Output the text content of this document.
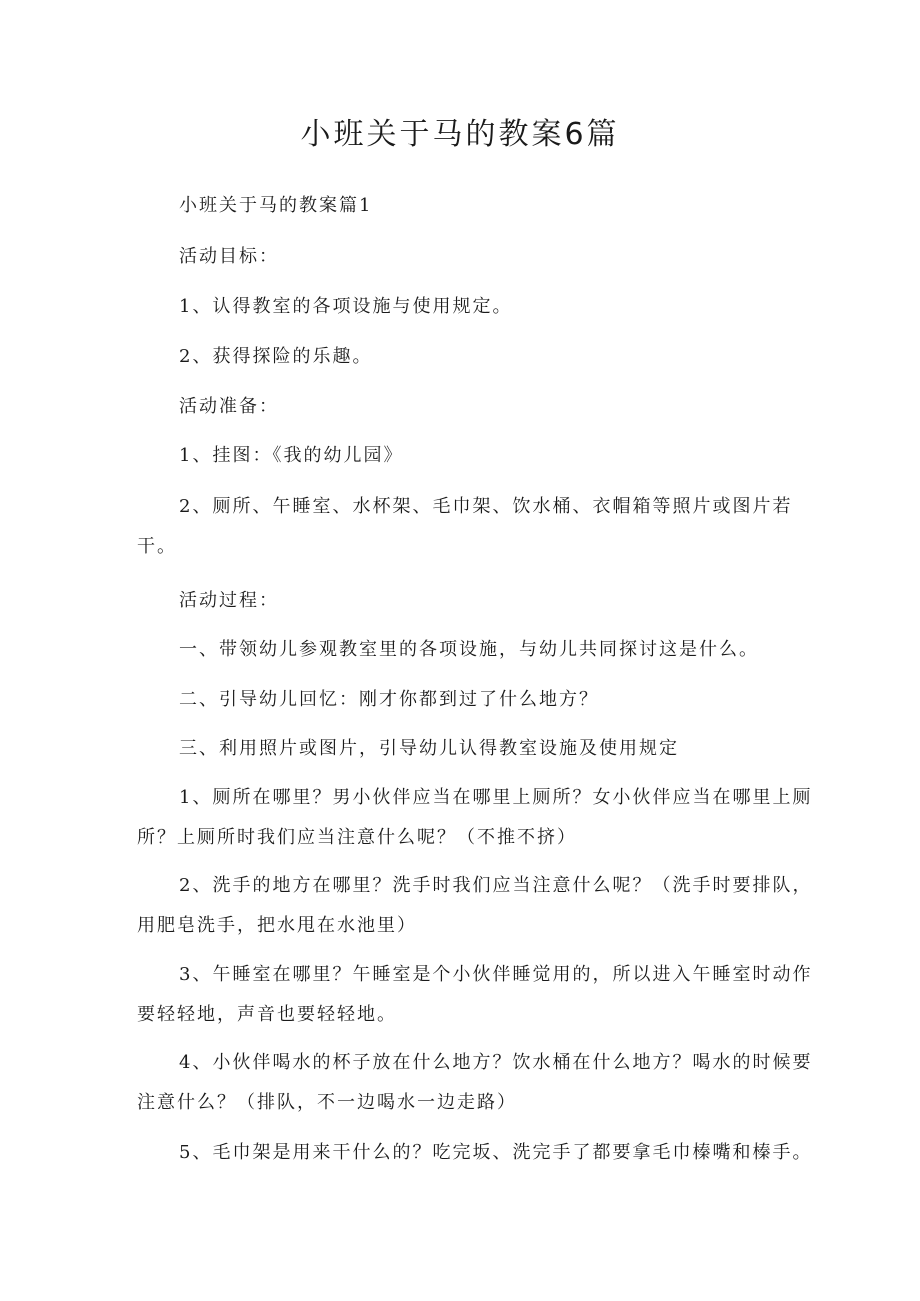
小班关于马的教案6篇

小班关于马的教案篇1

活动目标：

1、认得教室的各项设施与使用规定。

2、获得探险的乐趣。

活动准备：

1、挂图：《我的幼儿园》

2、厕所、午睡室、水杯架、毛巾架、饮水桶、衣帽箱等照片或图片若干。

活动过程：

一、带领幼儿参观教室里的各项设施，与幼儿共同探讨这是什么。

二、引导幼儿回忆：刚才你都到过了什么地方？

三、利用照片或图片，引导幼儿认得教室设施及使用规定

1、厕所在哪里？男小伙伴应当在哪里上厕所？女小伙伴应当在哪里上厕所？上厕所时我们应当注意什么呢？（不推不挤）

2、洗手的地方在哪里？洗手时我们应当注意什么呢？（洗手时要排队，用肥皂洗手，把水甩在水池里）

3、午睡室在哪里？午睡室是个小伙伴睡觉用的，所以进入午睡室时动作要轻轻地，声音也要轻轻地。

4、小伙伴喝水的杯子放在什么地方？饮水桶在什么地方？喝水的时候要注意什么？（排队，不一边喝水一边走路）

5、毛巾架是用来干什么的？吃完坂、洗完手了都要拿毛巾榛嘴和榛手。
